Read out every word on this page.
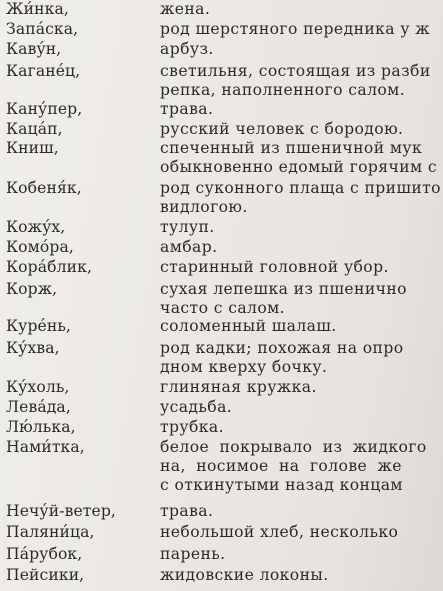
Жи́нка,	жена.
Запа́ска,	род шерстяного передника у ж
Каву́н,	арбуз.
Кагане́ц,	светильня, состоящая из разби
репка, наполненного салом.
Кану́пер,	трава.
Каца́п,	русский человек с бородою.
Книш,	спеченный из пшеничной мук
обыкновенно едомый горячим с
Кобеня́к,	род суконного плаща с пришито
видлогою.
Кожу́х,	тулуп.
Комо́ра,	амбар.
Кора́блик,	старинный головной убор.
Корж,	сухая лепешка из пшенично
часто с салом.
Куре́нь,	соломенный шалаш.
Ку́хва,	род кадки; похожая на опро
дном кверху бочку.
Ку́холь,	глиняная кружка.
Лева́да,	усадьба.
Лю́лька,	трубка.
Нами́тка,	белое покрывало из жидкого
на, носимое на голове же
с откинутыми назад концам
Нечу́й-ветер,	трава.
Паляни́ца,	небольшой хлеб, несколько
Па́рубок,	парень.
Пейсики,	жидовские локоны.
